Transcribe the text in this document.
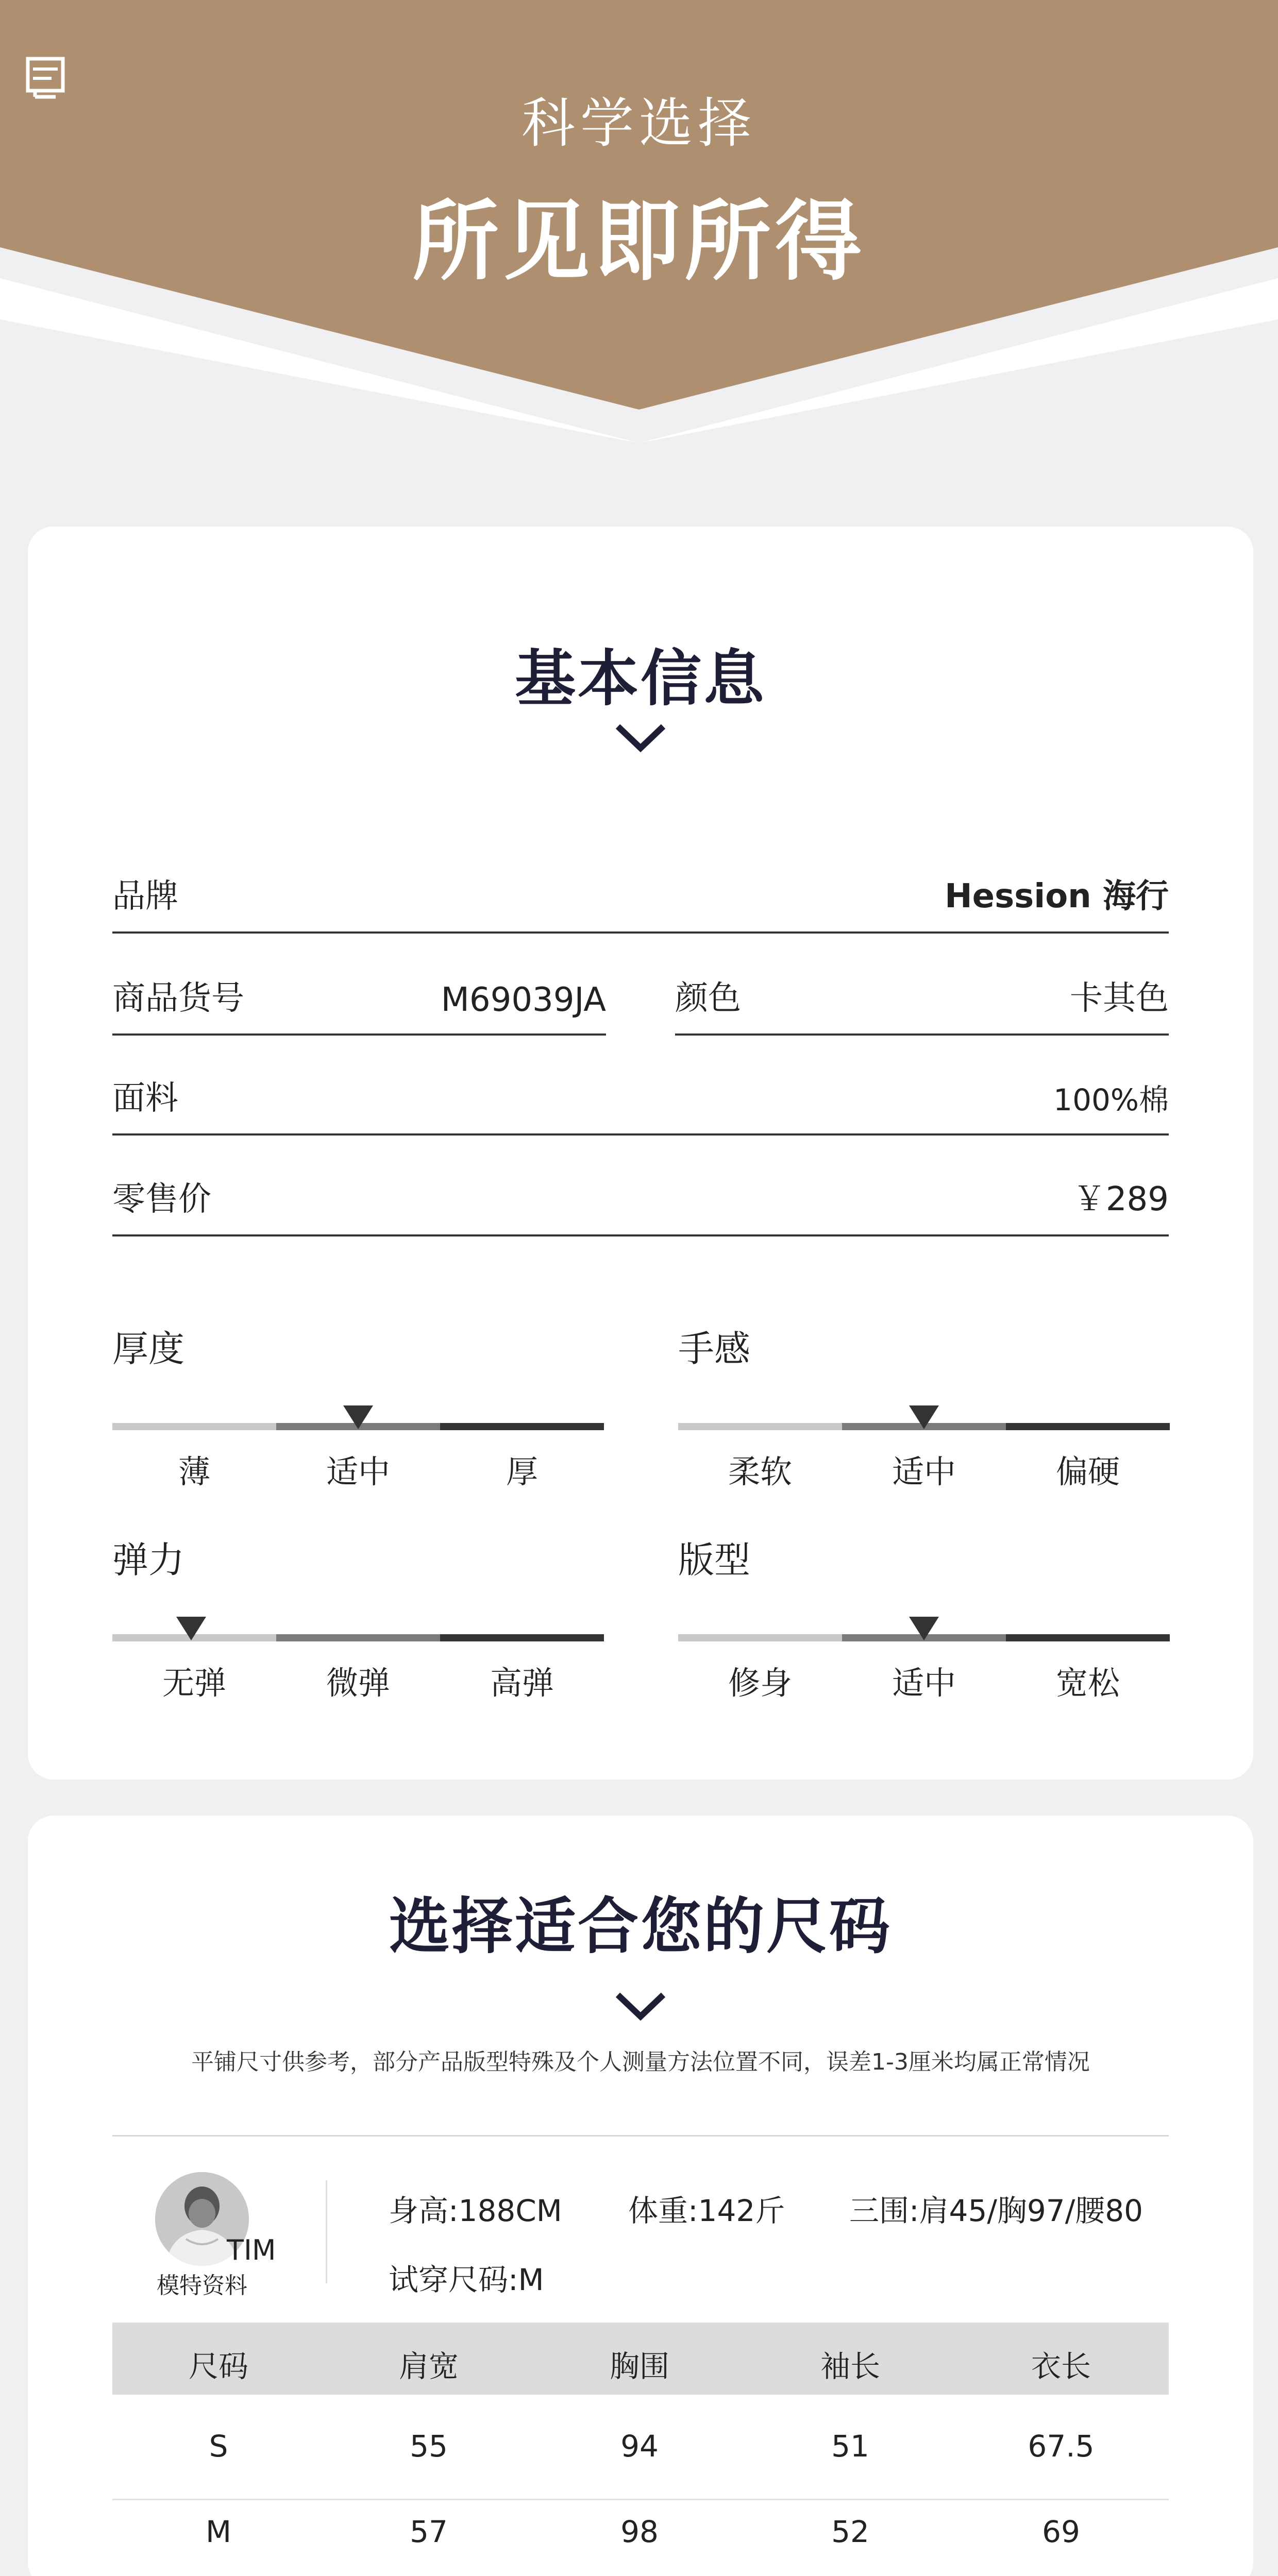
科学选择
所见即所得
基本信息
品牌	Hession 海行
商品货号	M69039JA 颜色	卡其色
面料	100%棉
零售价	￥289
厚度
薄	适中	厚
手感
柔软	适中	偏硬
弹力
无弹	微弹	高弹
版型
修身	适中	宽松
选择适合您的尺码
平铺尺寸供参考，部分产品版型特殊及个人测量方法位置不同，误差1-3厘米均属正常情况
TIM
模特资料
身高:188CM 体重:142斤 三围:肩45/胸97/腰80
试穿尺码:M
尺码	肩宽	胸围	袖长	衣长
S	55	94	51	67.5
M	57	98	52	69
